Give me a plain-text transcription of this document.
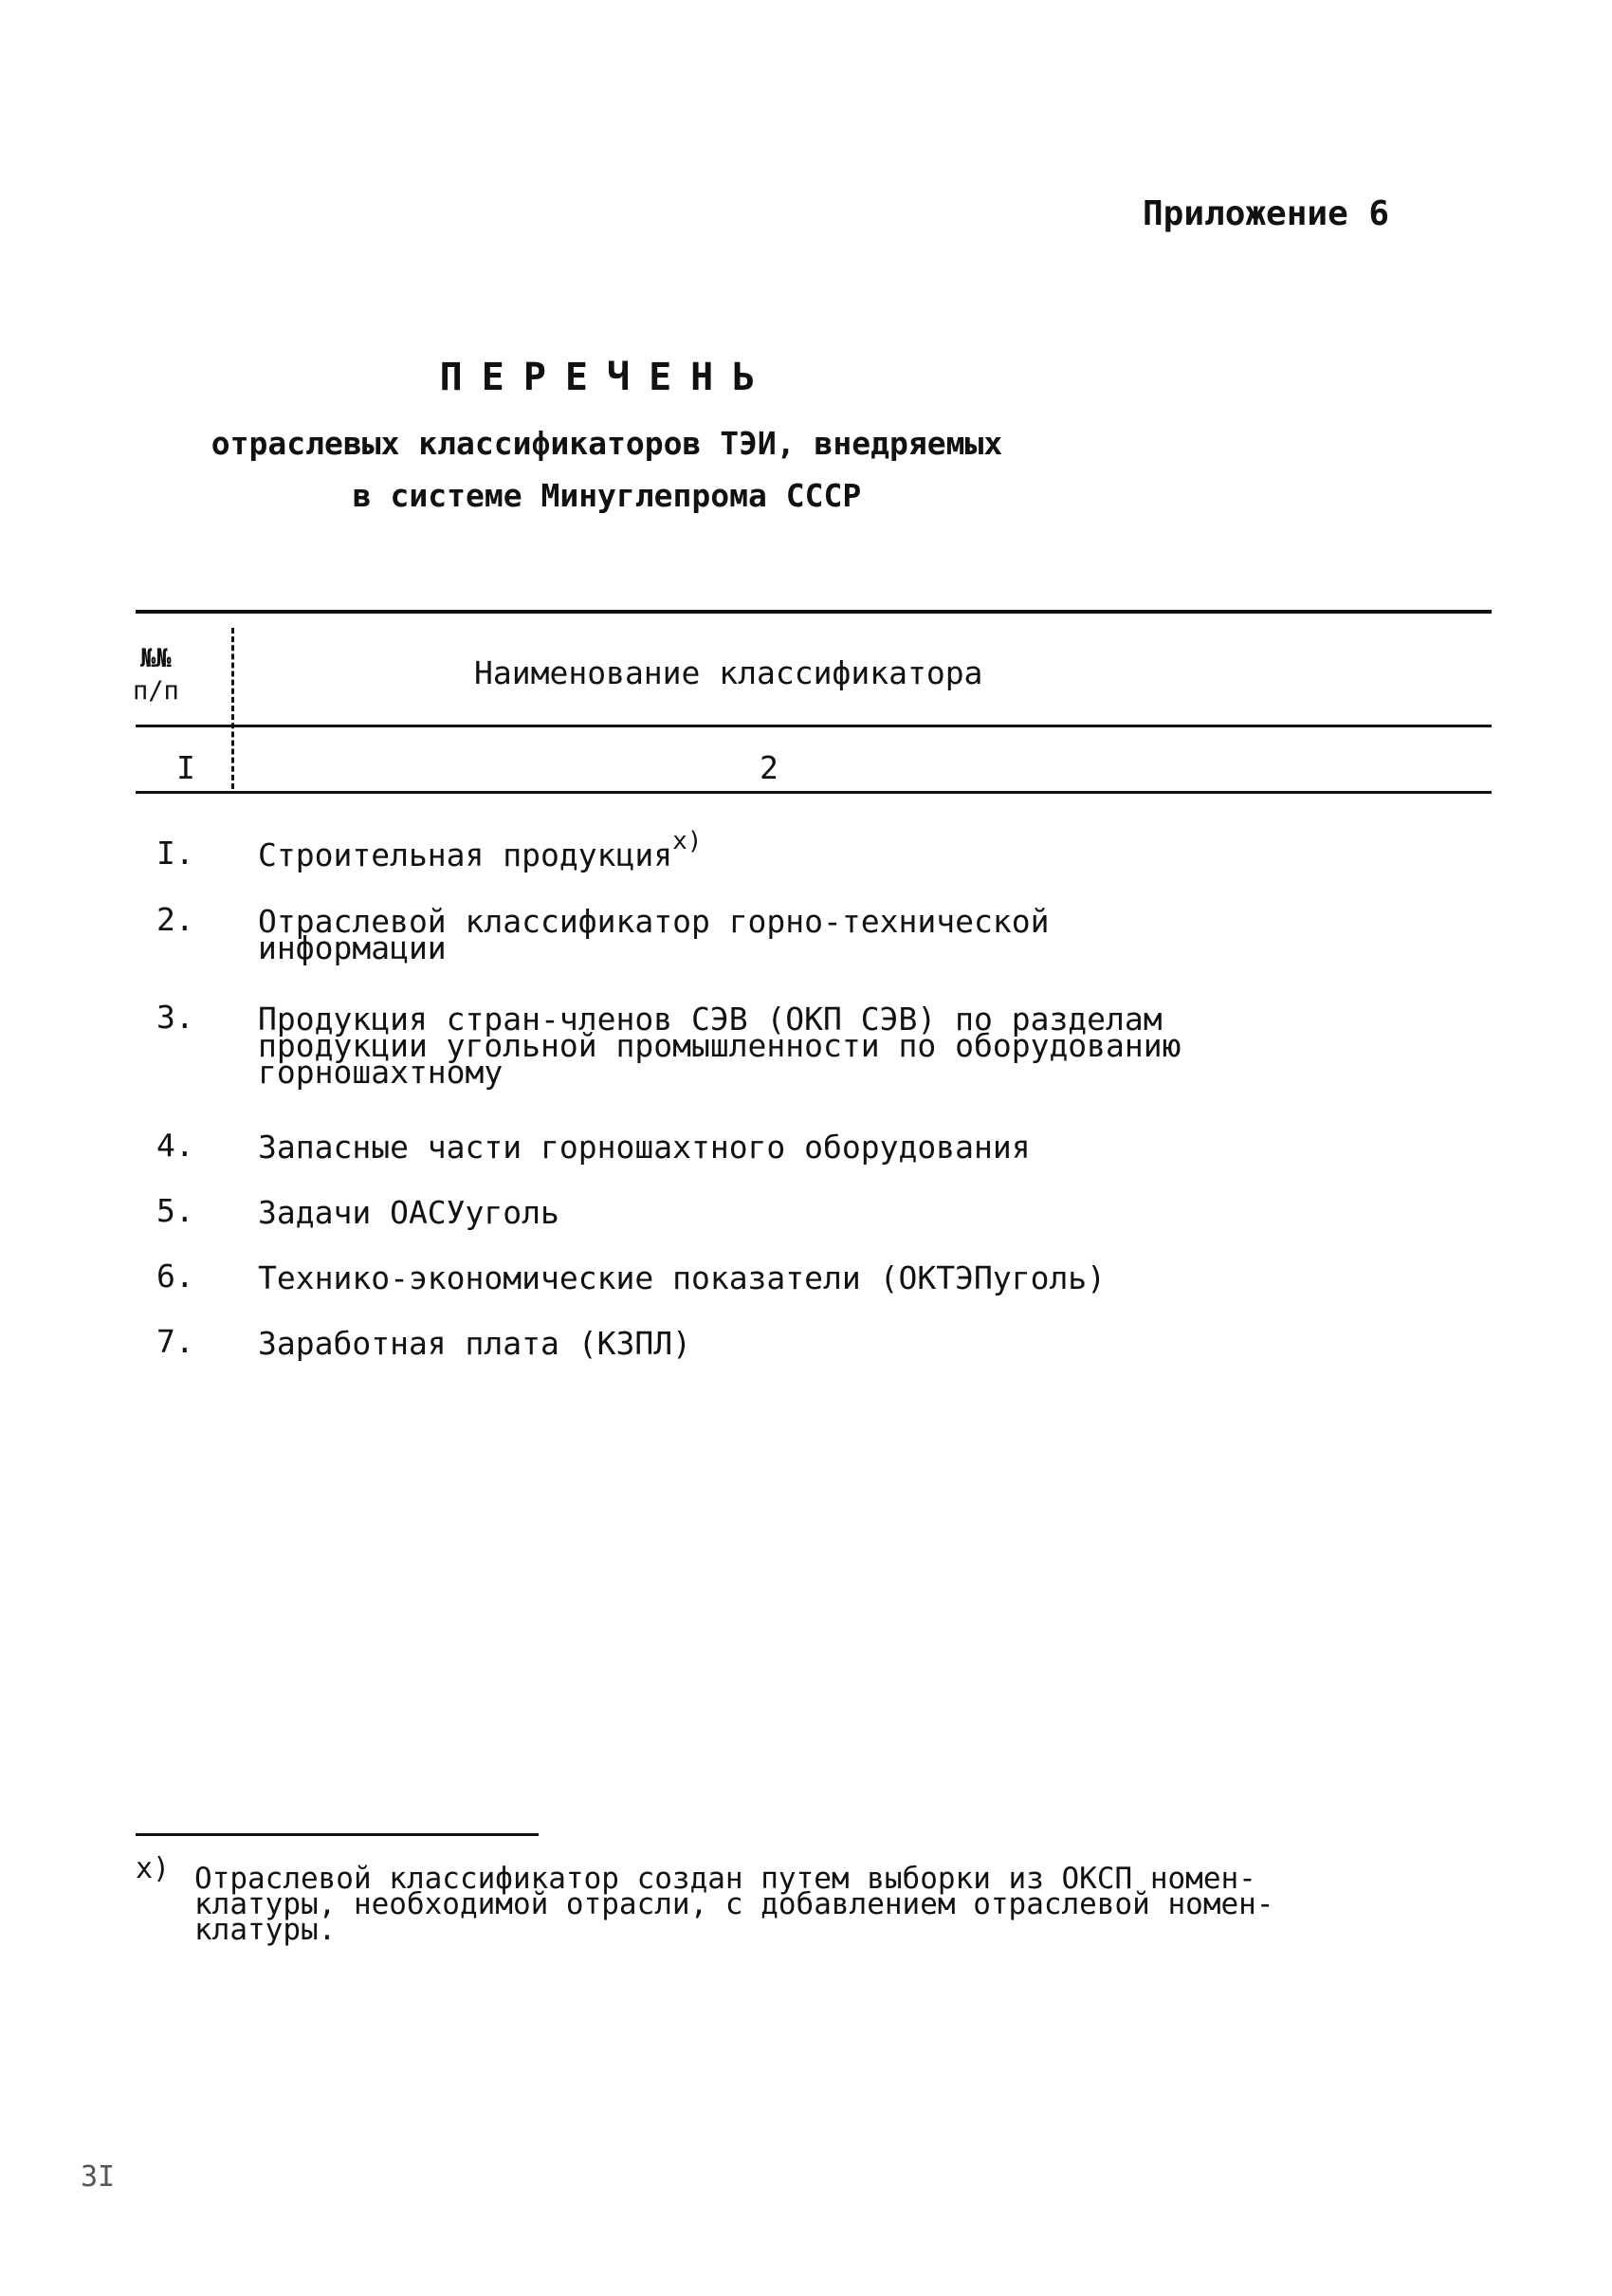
Приложение 6
ПЕРЕЧЕНЬ
отраслевых классификаторов ТЭИ, внедряемых
в системе Минуглепрома СССР
№№
п/п	Наименование классификатора
I	2
I. Строительная продукция$^{x)}$
2. Отраслевой классификатор горно-технической
информации
3. Продукция стран-членов СЭВ (ОКП СЭВ) по разделам
продукции угольной промышленности по оборудованию
горношахтному
4. Запасные части горношахтного оборудования
5. Задачи ОАСУуголь
6. Технико-экономические показатели (ОКТЭПуголь)
7. Заработная плата (КЗПЛ)
x) Отраслевой классификатор создан путем выборки из ОКСП номен-
клатуры, необходимой отрасли, с добавлением отраслевой номен-
клатуры.
3I
